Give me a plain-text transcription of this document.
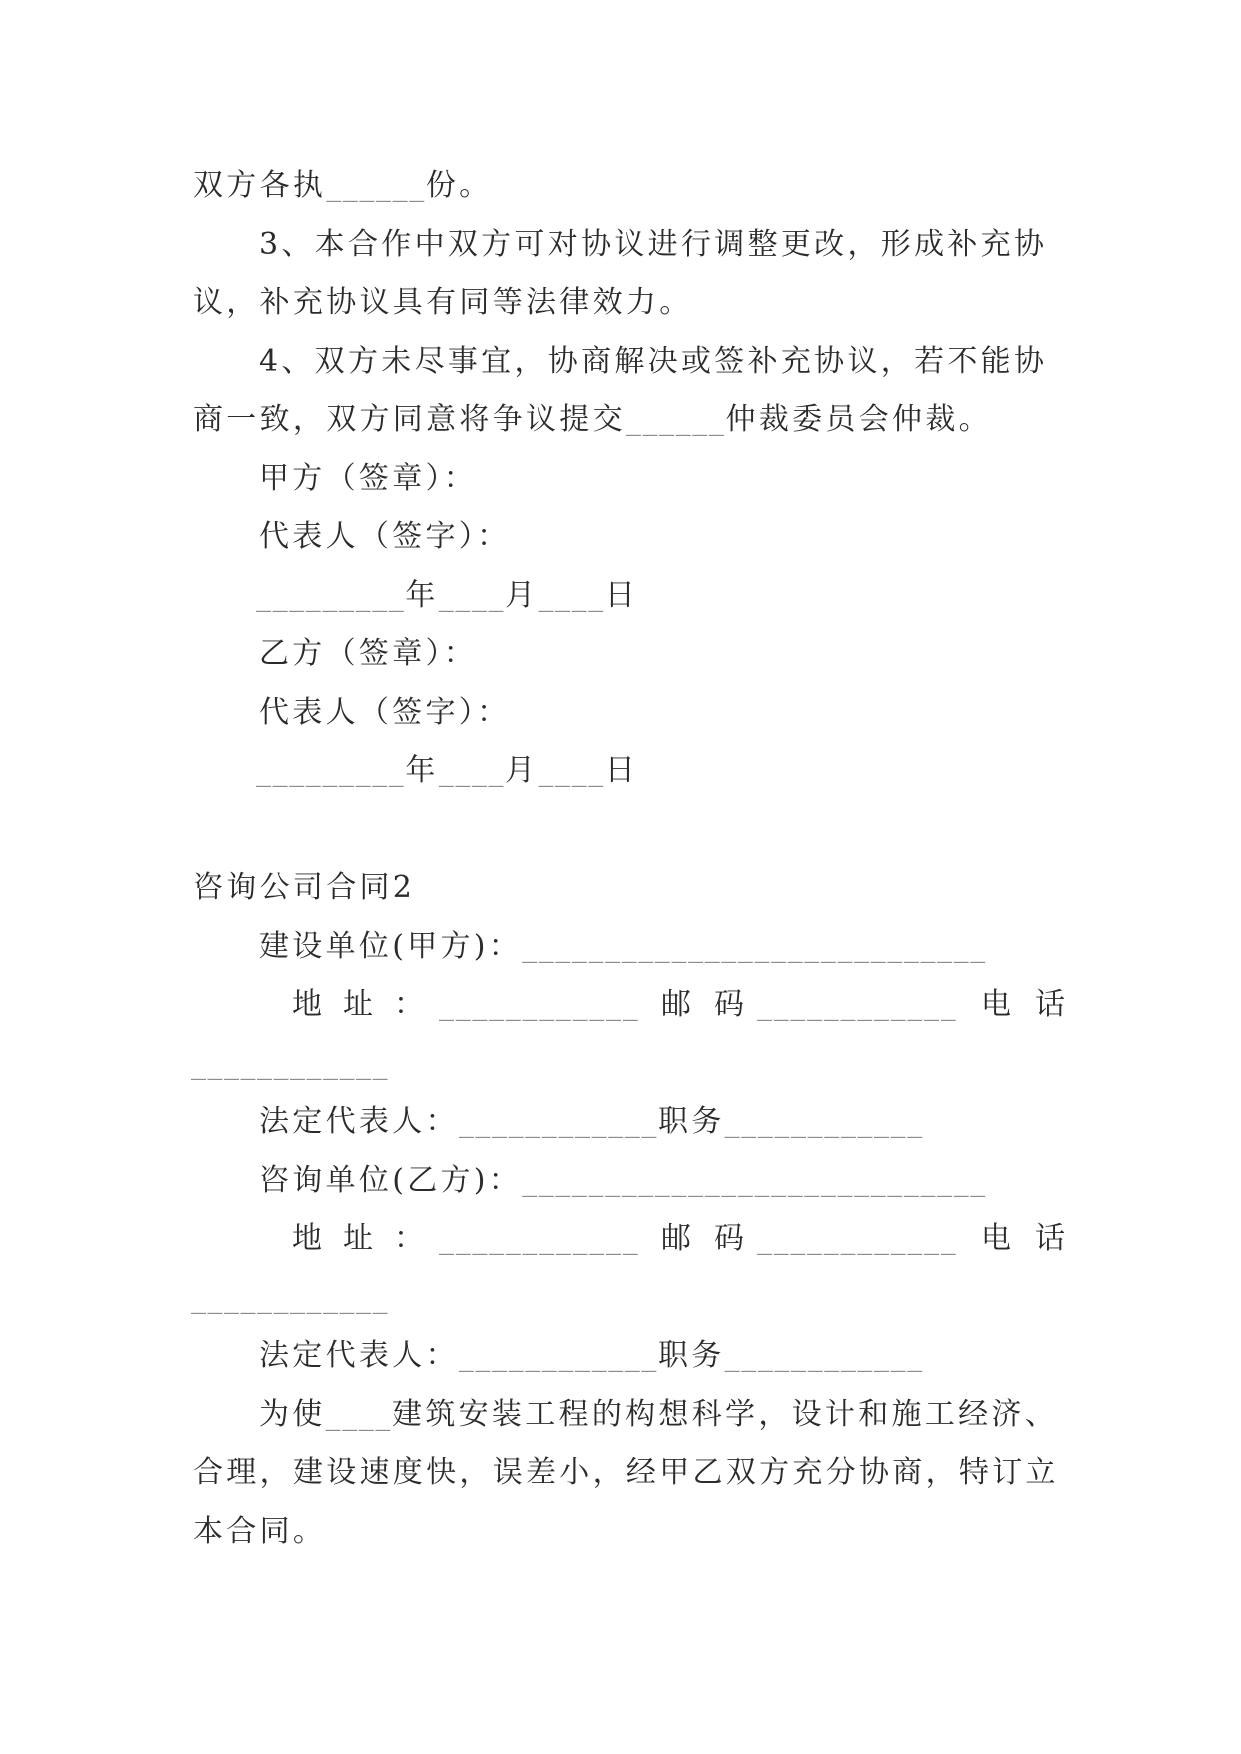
双方各执______份。
3、本合作中双方可对协议进行调整更改，形成补充协
议，补充协议具有同等法律效力。
4、双方未尽事宜，协商解决或签补充协议，若不能协
商一致，双方同意将争议提交______仲裁委员会仲裁。
甲方（签章）：
代表人（签字）：
_________年____月____日
乙方（签章）：
代表人（签字）：
_________年____月____日
咨询公司合同2
建设单位(甲方)：____________________________
地址：
____________ 邮码
____________ 电话
____________
法定代表人：____________职务____________
咨询单位(乙方)：____________________________
地址：
____________ 邮码
____________ 电话
____________
法定代表人：____________职务____________
为使____建筑安装工程的构想科学，设计和施工经济、
合理，建设速度快，误差小，经甲乙双方充分协商，特订立
本合同。
